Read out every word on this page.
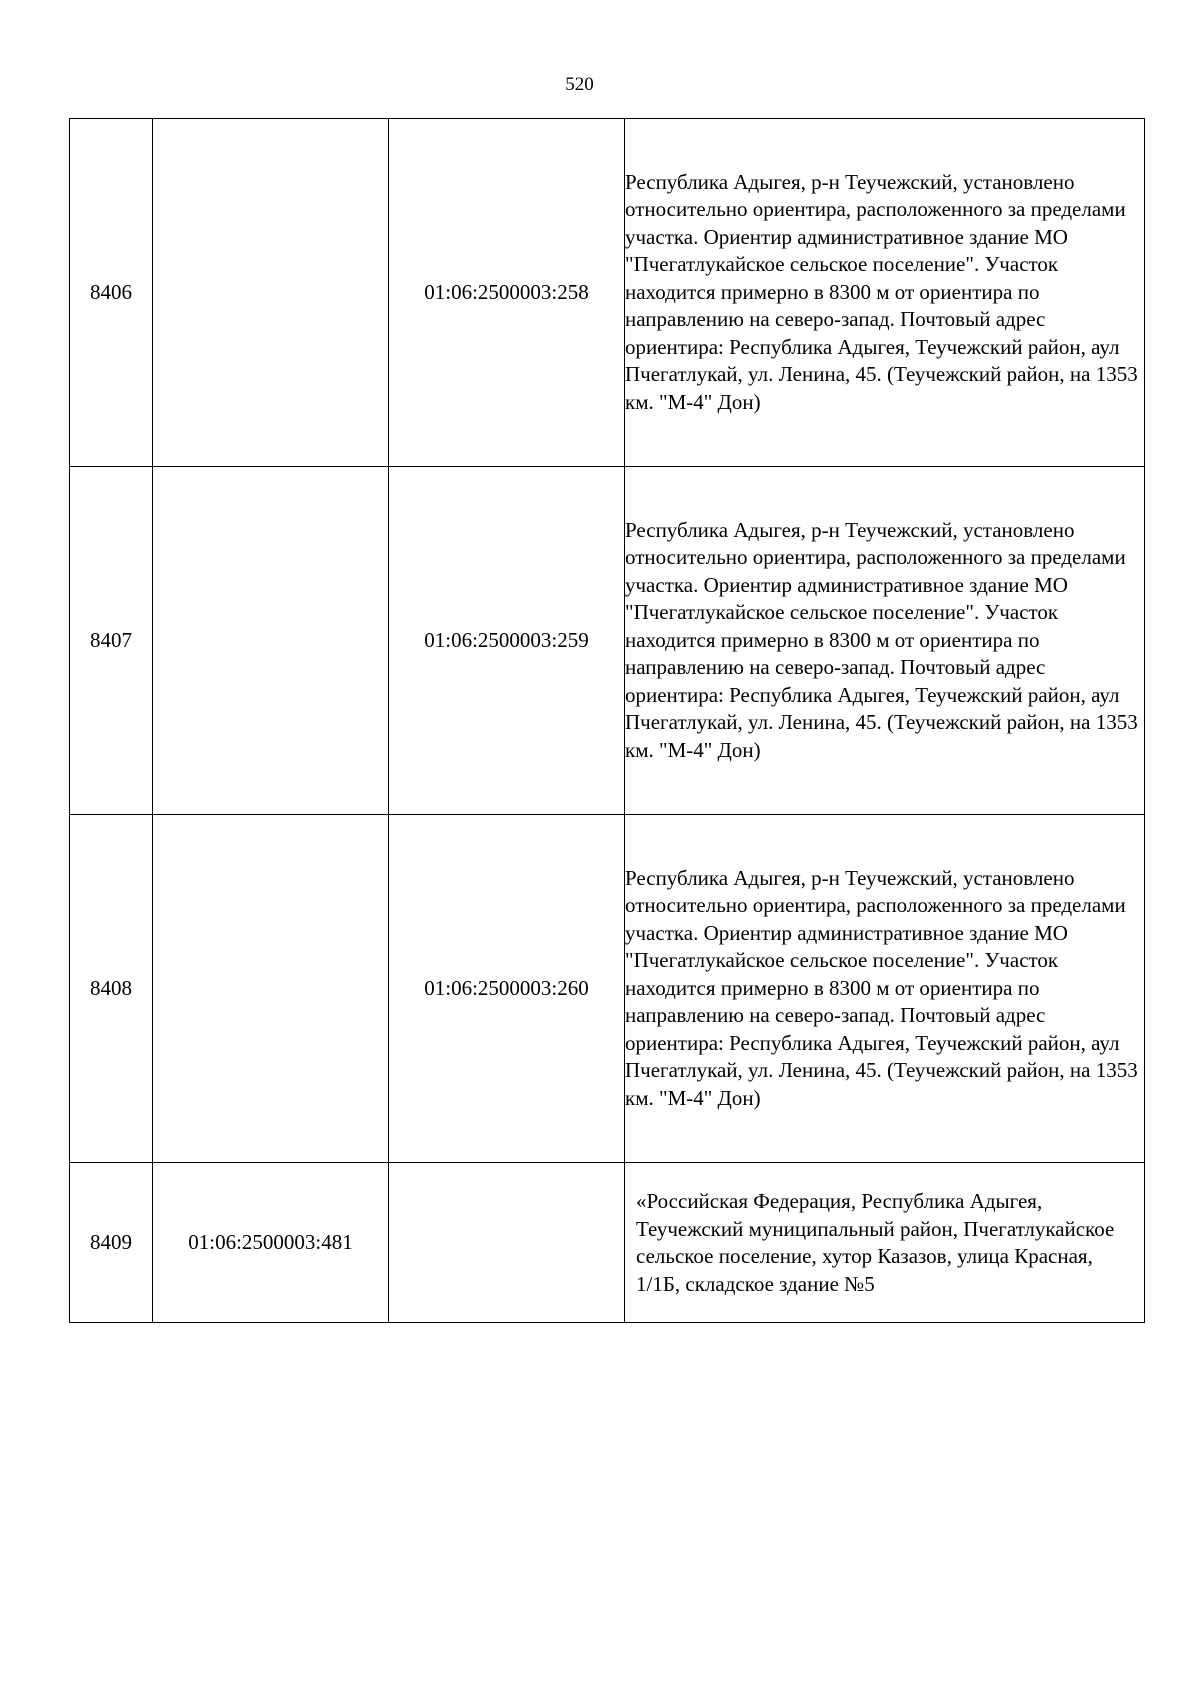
520
8406		01:06:2500003:258	Республика Адыгея, р-н Теучежский, установлено относительно ориентира, расположенного за пределами участка. Ориентир административное здание МО "Пчегатлукайское сельское поселение". Участок находится примерно в 8300 м от ориентира по направлению на северо-запад. Почтовый адрес ориентира: Республика Адыгея, Теучежский район, аул Пчегатлукай, ул. Ленина, 45. (Теучежский район, на 1353 км. "М-4" Дон)
8407		01:06:2500003:259	Республика Адыгея, р-н Теучежский, установлено относительно ориентира, расположенного за пределами участка. Ориентир административное здание МО "Пчегатлукайское сельское поселение". Участок находится примерно в 8300 м от ориентира по направлению на северо-запад. Почтовый адрес ориентира: Республика Адыгея, Теучежский район, аул Пчегатлукай, ул. Ленина, 45. (Теучежский район, на 1353 км. "М-4" Дон)
8408		01:06:2500003:260	Республика Адыгея, р-н Теучежский, установлено относительно ориентира, расположенного за пределами участка. Ориентир административное здание МО "Пчегатлукайское сельское поселение". Участок находится примерно в 8300 м от ориентира по направлению на северо-запад. Почтовый адрес ориентира: Республика Адыгея, Теучежский район, аул Пчегатлукай, ул. Ленина, 45. (Теучежский район, на 1353 км. "М-4" Дон)
8409	01:06:2500003:481		«Российская Федерация, Республика Адыгея, Теучежский муниципальный район, Пчегатлукайское сельское поселение, хутор Казазов, улица Красная, 1/1Б, складское здание №5
